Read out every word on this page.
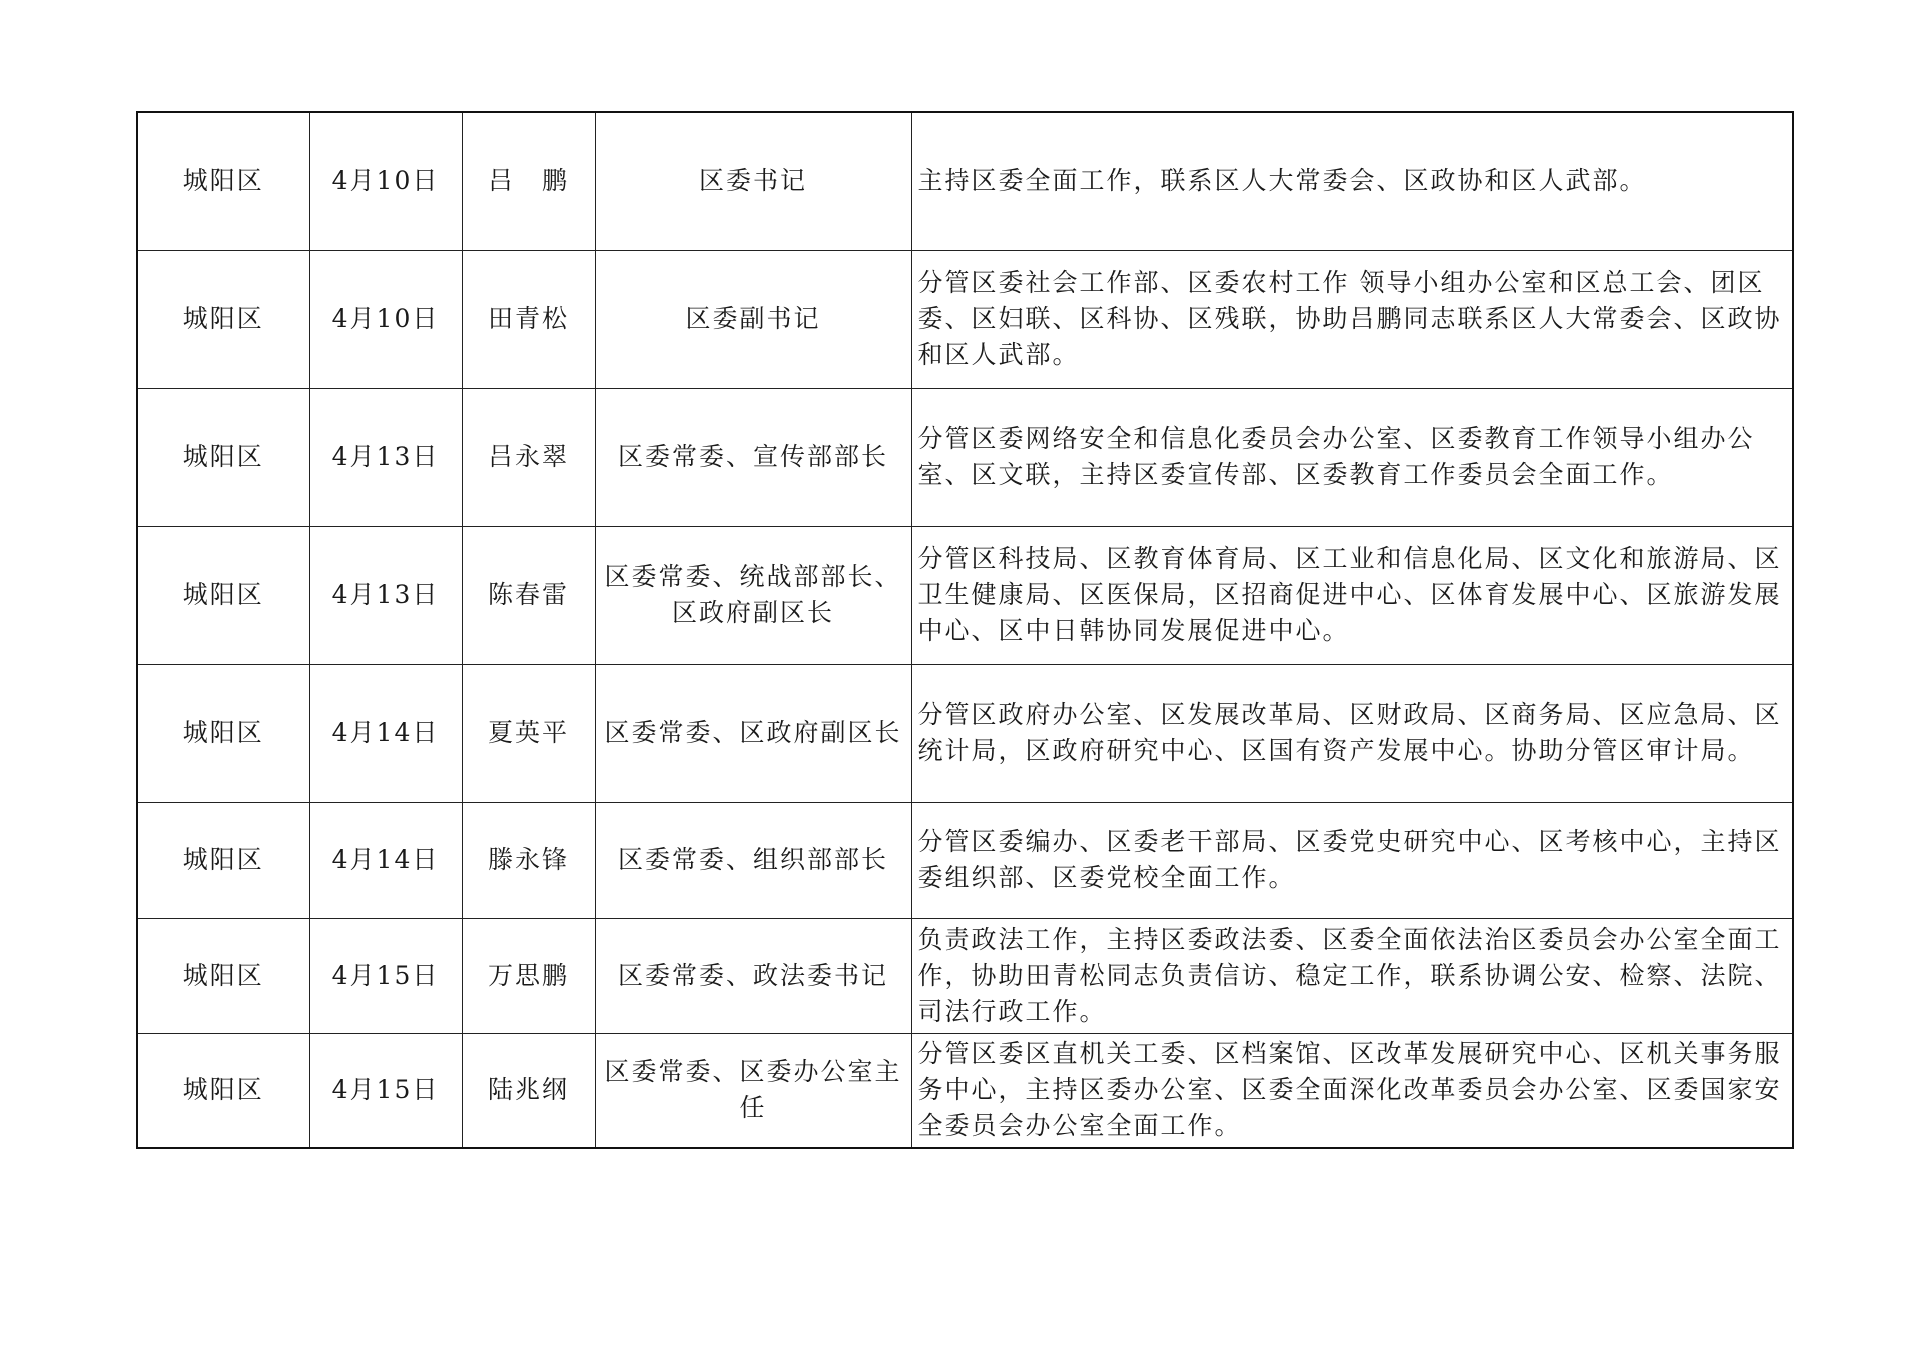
城阳区	4月10日	吕　鹏	区委书记	主持区委全面工作，联系区人大常委会、区政协和区人武部。
城阳区	4月10日	田青松	区委副书记	分管区委社会工作部、区委农村工作 领导小组办公室和区总工会、团区委、区妇联、区科协、区残联，协助吕鹏同志联系区人大常委会、区政协和区人武部。
城阳区	4月13日	吕永翠	区委常委、宣传部部长	分管区委网络安全和信息化委员会办公室、区委教育工作领导小组办公室、区文联，主持区委宣传部、区委教育工作委员会全面工作。
城阳区	4月13日	陈春雷	区委常委、统战部部长、区政府副区长	分管区科技局、区教育体育局、区工业和信息化局、区文化和旅游局、区卫生健康局、区医保局，区招商促进中心、区体育发展中心、区旅游发展中心、区中日韩协同发展促进中心。
城阳区	4月14日	夏英平	区委常委、区政府副区长	分管区政府办公室、区发展改革局、区财政局、区商务局、区应急局、区统计局，区政府研究中心、区国有资产发展中心。协助分管区审计局。
城阳区	4月14日	滕永锋	区委常委、组织部部长	分管区委编办、区委老干部局、区委党史研究中心、区考核中心，主持区委组织部、区委党校全面工作。
城阳区	4月15日	万思鹏	区委常委、政法委书记	负责政法工作，主持区委政法委、区委全面依法治区委员会办公室全面工作，协助田青松同志负责信访、稳定工作，联系协调公安、检察、法院、司法行政工作。
城阳区	4月15日	陆兆纲	区委常委、区委办公室主任	分管区委区直机关工委、区档案馆、区改革发展研究中心、区机关事务服务中心，主持区委办公室、区委全面深化改革委员会办公室、区委国家安全委员会办公室全面工作。
